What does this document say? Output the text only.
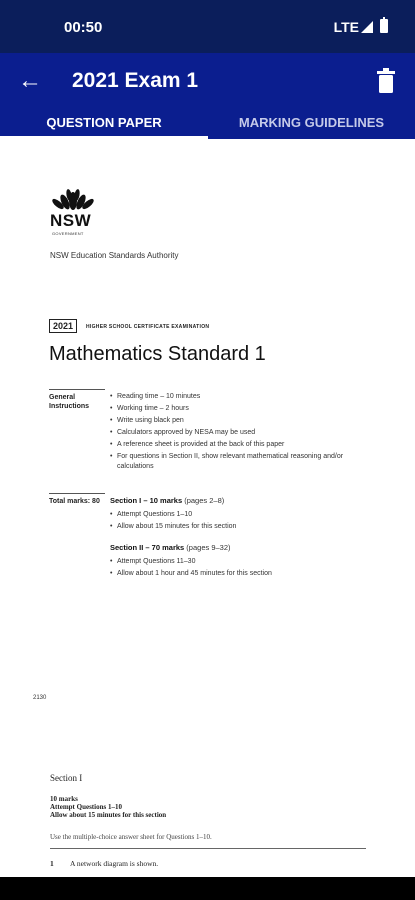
00:50	LTE
← 2021 Exam 1
QUESTION PAPER	MARKING GUIDELINES
NSW
GOVERNMENT
NSW Education Standards Authority
2021	HIGHER SCHOOL CERTIFICATE EXAMINATION
Mathematics Standard 1
General Instructions
• Reading time – 10 minutes
• Working time – 2 hours
• Write using black pen
• Calculators approved by NESA may be used
• A reference sheet is provided at the back of this paper
• For questions in Section II, show relevant mathematical reasoning and/or calculations
Total marks: 80	Section I – 10 marks (pages 2–8)
• Attempt Questions 1–10
• Allow about 15 minutes for this section
Section II – 70 marks (pages 9–32)
• Attempt Questions 11–30
• Allow about 1 hour and 45 minutes for this section
2130
Section I
10 marks
Attempt Questions 1–10
Allow about 15 minutes for this section
Use the multiple-choice answer sheet for Questions 1–10.
1 A network diagram is shown.
